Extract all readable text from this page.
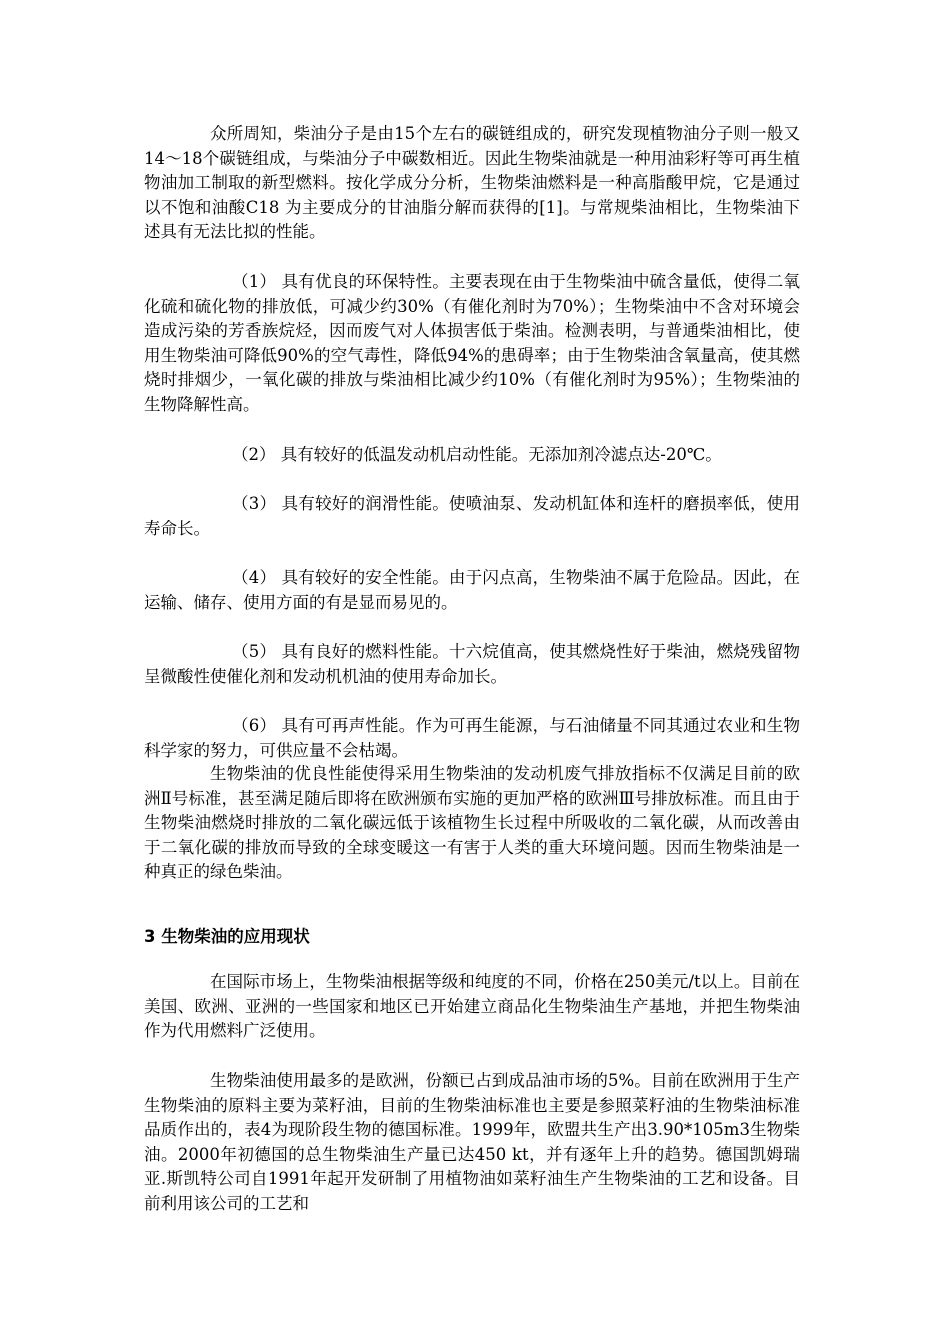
众所周知，柴油分子是由15个左右的碳链组成的，研究发现植物油分子则一般又14～18个碳链组成，与柴油分子中碳数相近。因此生物柴油就是一种用油彩籽等可再生植物油加工制取的新型燃料。按化学成分分析，生物柴油燃料是一种高脂酸甲烷，它是通过以不饱和油酸C18 为主要成分的甘油脂分解而获得的[1]。与常规柴油相比，生物柴油下述具有无法比拟的性能。

（1） 具有优良的环保特性。主要表现在由于生物柴油中硫含量低，使得二氧化硫和硫化物的排放低，可减少约30%（有催化剂时为70%）；生物柴油中不含对环境会造成污染的芳香族烷烃，因而废气对人体损害低于柴油。检测表明，与普通柴油相比，使用生物柴油可降低90%的空气毒性，降低94%的患碍率；由于生物柴油含氧量高，使其燃烧时排烟少，一氧化碳的排放与柴油相比减少约10%（有催化剂时为95%）；生物柴油的生物降解性高。

（2） 具有较好的低温发动机启动性能。无添加剂冷滤点达-20℃。

（3） 具有较好的润滑性能。使喷油泵、发动机缸体和连杆的磨损率低，使用寿命长。

（4） 具有较好的安全性能。由于闪点高，生物柴油不属于危险品。因此，在运输、储存、使用方面的有是显而易见的。

（5） 具有良好的燃料性能。十六烷值高，使其燃烧性好于柴油，燃烧残留物呈微酸性使催化剂和发动机机油的使用寿命加长。

（6） 具有可再声性能。作为可再生能源，与石油储量不同其通过农业和生物科学家的努力，可供应量不会枯竭。

生物柴油的优良性能使得采用生物柴油的发动机废气排放指标不仅满足目前的欧洲Ⅱ号标准，甚至满足随后即将在欧洲颁布实施的更加严格的欧洲Ⅲ号排放标准。而且由于生物柴油燃烧时排放的二氧化碳远低于该植物生长过程中所吸收的二氧化碳，从而改善由于二氧化碳的排放而导致的全球变暖这一有害于人类的重大环境问题。因而生物柴油是一种真正的绿色柴油。

3 生物柴油的应用现状

在国际市场上，生物柴油根据等级和纯度的不同，价格在250美元/t以上。目前在美国、欧洲、亚洲的一些国家和地区已开始建立商品化生物柴油生产基地，并把生物柴油作为代用燃料广泛使用。

生物柴油使用最多的是欧洲，份额已占到成品油市场的5%。目前在欧洲用于生产生物柴油的原料主要为菜籽油，目前的生物柴油标准也主要是参照菜籽油的生物柴油标准品质作出的，表4为现阶段生物的德国标准。1999年，欧盟共生产出3.90*105m3生物柴油。2000年初德国的总生物柴油生产量已达450 kt，并有逐年上升的趋势。德国凯姆瑞亚.斯凯特公司自1991年起开发研制了用植物油如菜籽油生产生物柴油的工艺和设备。目前利用该公司的工艺和
